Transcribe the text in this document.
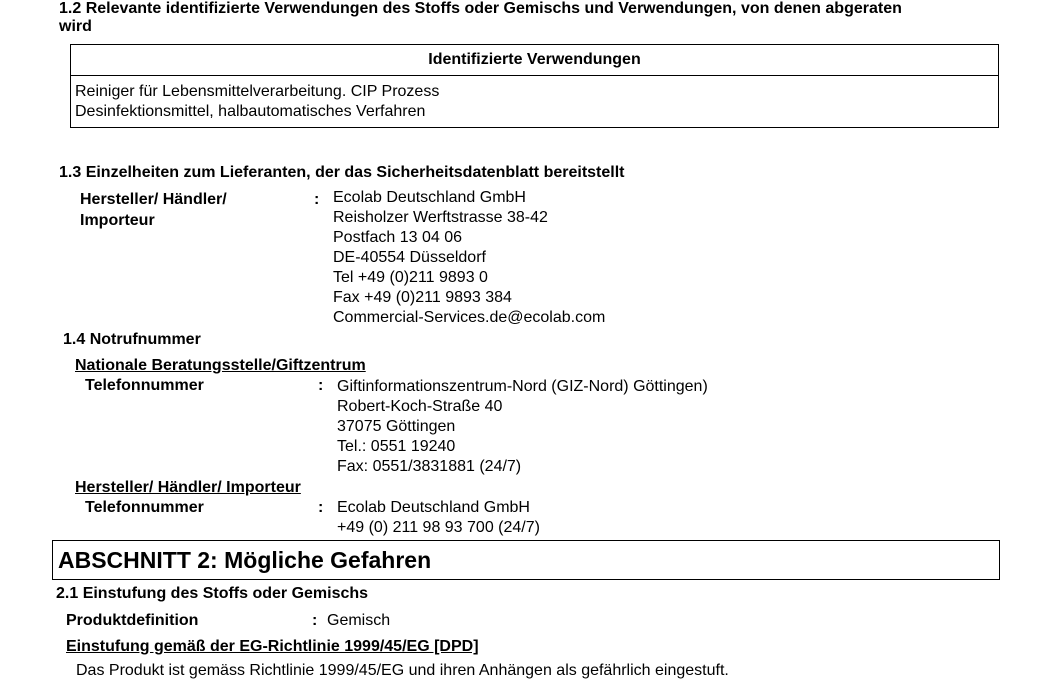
1.2 Relevante identifizierte Verwendungen des Stoffs oder Gemischs und Verwendungen, von denen abgeraten
wird
Identifizierte Verwendungen
Reiniger für Lebensmittelverarbeitung. CIP Prozess
Desinfektionsmittel, halbautomatisches Verfahren
1.3 Einzelheiten zum Lieferanten, der das Sicherheitsdatenblatt bereitstellt
Hersteller/ Händler/
Importeur
: Ecolab Deutschland GmbH
Reisholzer Werftstrasse 38-42
Postfach 13 04 06
DE-40554 Düsseldorf
Tel +49 (0)211 9893 0
Fax +49 (0)211 9893 384
Commercial-Services.de@ecolab.com
1.4 Notrufnummer
Nationale Beratungsstelle/Giftzentrum
Telefonnummer	: Giftinformationszentrum-Nord (GIZ-Nord) Göttingen)
Robert-Koch-Straße 40
37075 Göttingen
Tel.: 0551 19240
Fax: 0551/3831881 (24/7)
Hersteller/ Händler/ Importeur
Telefonnummer	: Ecolab Deutschland GmbH
+49 (0) 211 98 93 700 (24/7)
ABSCHNITT 2: Mögliche Gefahren
2.1 Einstufung des Stoffs oder Gemischs
Produktdefinition	: Gemisch
Einstufung gemäß der EG-Richtlinie 1999/45/EG [DPD]
Das Produkt ist gemäss Richtlinie 1999/45/EG und ihren Anhängen als gefährlich eingestuft.
